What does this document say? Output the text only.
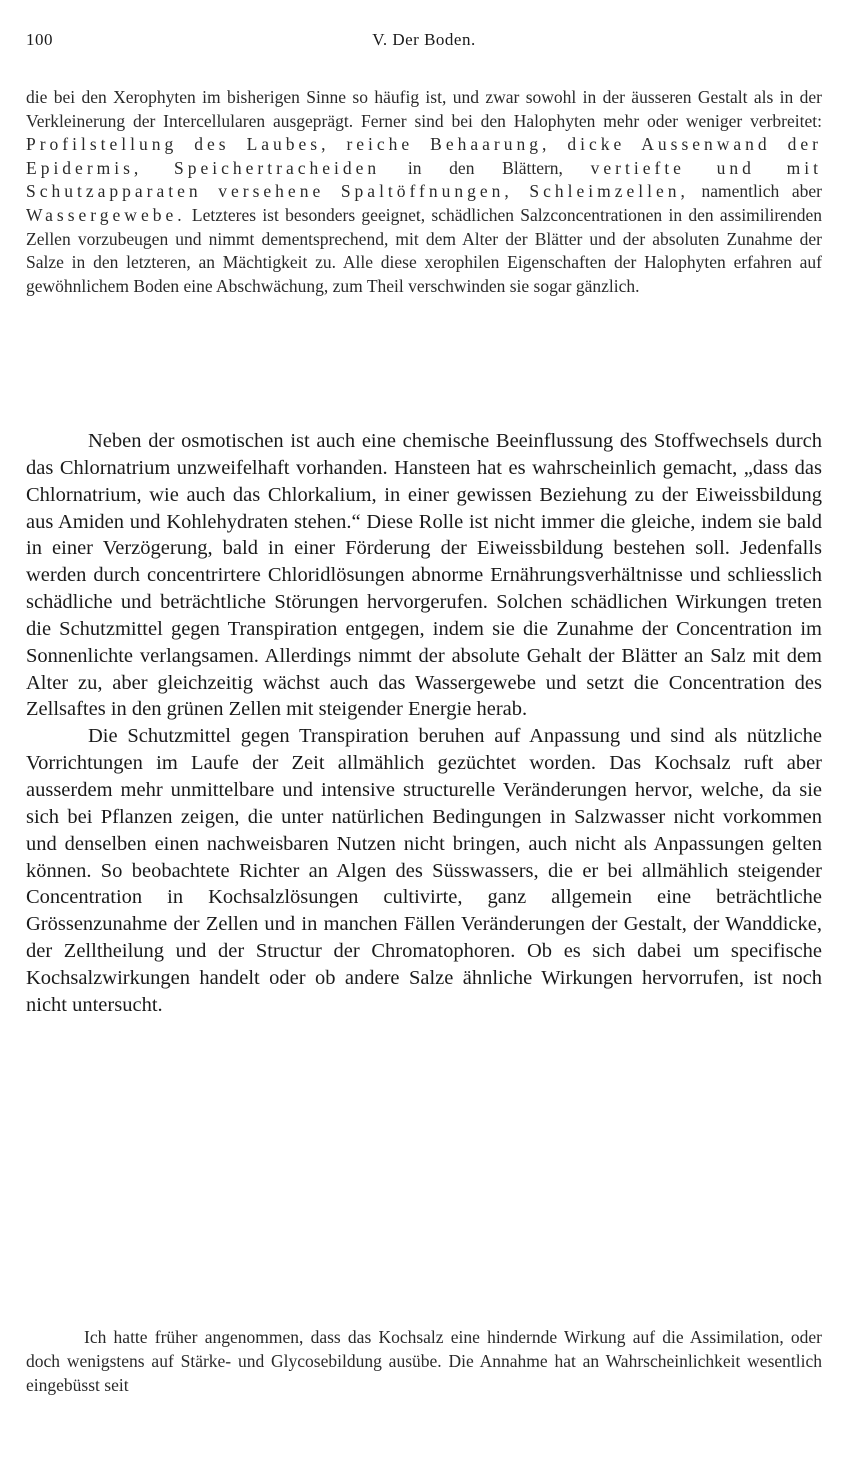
100	V. Der Boden.

die bei den Xerophyten im bisherigen Sinne so häufig ist, und zwar sowohl in der äusseren Gestalt als in der Verkleinerung der Intercellularen ausgeprägt. Ferner sind bei den Halophyten mehr oder weniger verbreitet: Profilstellung des Laubes, reiche Behaarung, dicke Aussenwand der Epidermis, Speichertracheiden in den Blättern, vertiefte und mit Schutzapparaten versehene Spaltöffnungen, Schleimzellen, namentlich aber Wassergewebe. Letzteres ist besonders geeignet, schädlichen Salzconcentrationen in den assimilirenden Zellen vorzubeugen und nimmt dementsprechend, mit dem Alter der Blätter und der absoluten Zunahme der Salze in den letzteren, an Mächtigkeit zu. Alle diese xerophilen Eigenschaften der Halophyten erfahren auf gewöhnlichem Boden eine Abschwächung, zum Theil verschwinden sie sogar gänzlich.

Neben der osmotischen ist auch eine chemische Beeinflussung des Stoffwechsels durch das Chlornatrium unzweifelhaft vorhanden. Hansteen hat es wahrscheinlich gemacht, „dass das Chlornatrium, wie auch das Chlorkalium, in einer gewissen Beziehung zu der Eiweissbildung aus Amiden und Kohlehydraten stehen.“ Diese Rolle ist nicht immer die gleiche, indem sie bald in einer Verzögerung, bald in einer Förderung der Eiweissbildung bestehen soll. Jedenfalls werden durch concentrirtere Chloridlösungen abnorme Ernährungsverhältnisse und schliesslich schädliche und beträchtliche Störungen hervorgerufen. Solchen schädlichen Wirkungen treten die Schutzmittel gegen Transpiration entgegen, indem sie die Zunahme der Concentration im Sonnenlichte verlangsamen. Allerdings nimmt der absolute Gehalt der Blätter an Salz mit dem Alter zu, aber gleichzeitig wächst auch das Wassergewebe und setzt die Concentration des Zellsaftes in den grünen Zellen mit steigender Energie herab.

Die Schutzmittel gegen Transpiration beruhen auf Anpassung und sind als nützliche Vorrichtungen im Laufe der Zeit allmählich gezüchtet worden. Das Kochsalz ruft aber ausserdem mehr unmittelbare und intensive structurelle Veränderungen hervor, welche, da sie sich bei Pflanzen zeigen, die unter natürlichen Bedingungen in Salzwasser nicht vorkommen und denselben einen nachweisbaren Nutzen nicht bringen, auch nicht als Anpassungen gelten können. So beobachtete Richter an Algen des Süsswassers, die er bei allmählich steigender Concentration in Kochsalzlösungen cultivirte, ganz allgemein eine beträchtliche Grössenzunahme der Zellen und in manchen Fällen Veränderungen der Gestalt, der Wanddicke, der Zelltheilung und der Structur der Chromatophoren. Ob es sich dabei um specifische Kochsalzwirkungen handelt oder ob andere Salze ähnliche Wirkungen hervorrufen, ist noch nicht untersucht.

Ich hatte früher angenommen, dass das Kochsalz eine hindernde Wirkung auf die Assimilation, oder doch wenigstens auf Stärke- und Glycosebildung ausübe. Die Annahme hat an Wahrscheinlichkeit wesentlich eingebüsst seit
